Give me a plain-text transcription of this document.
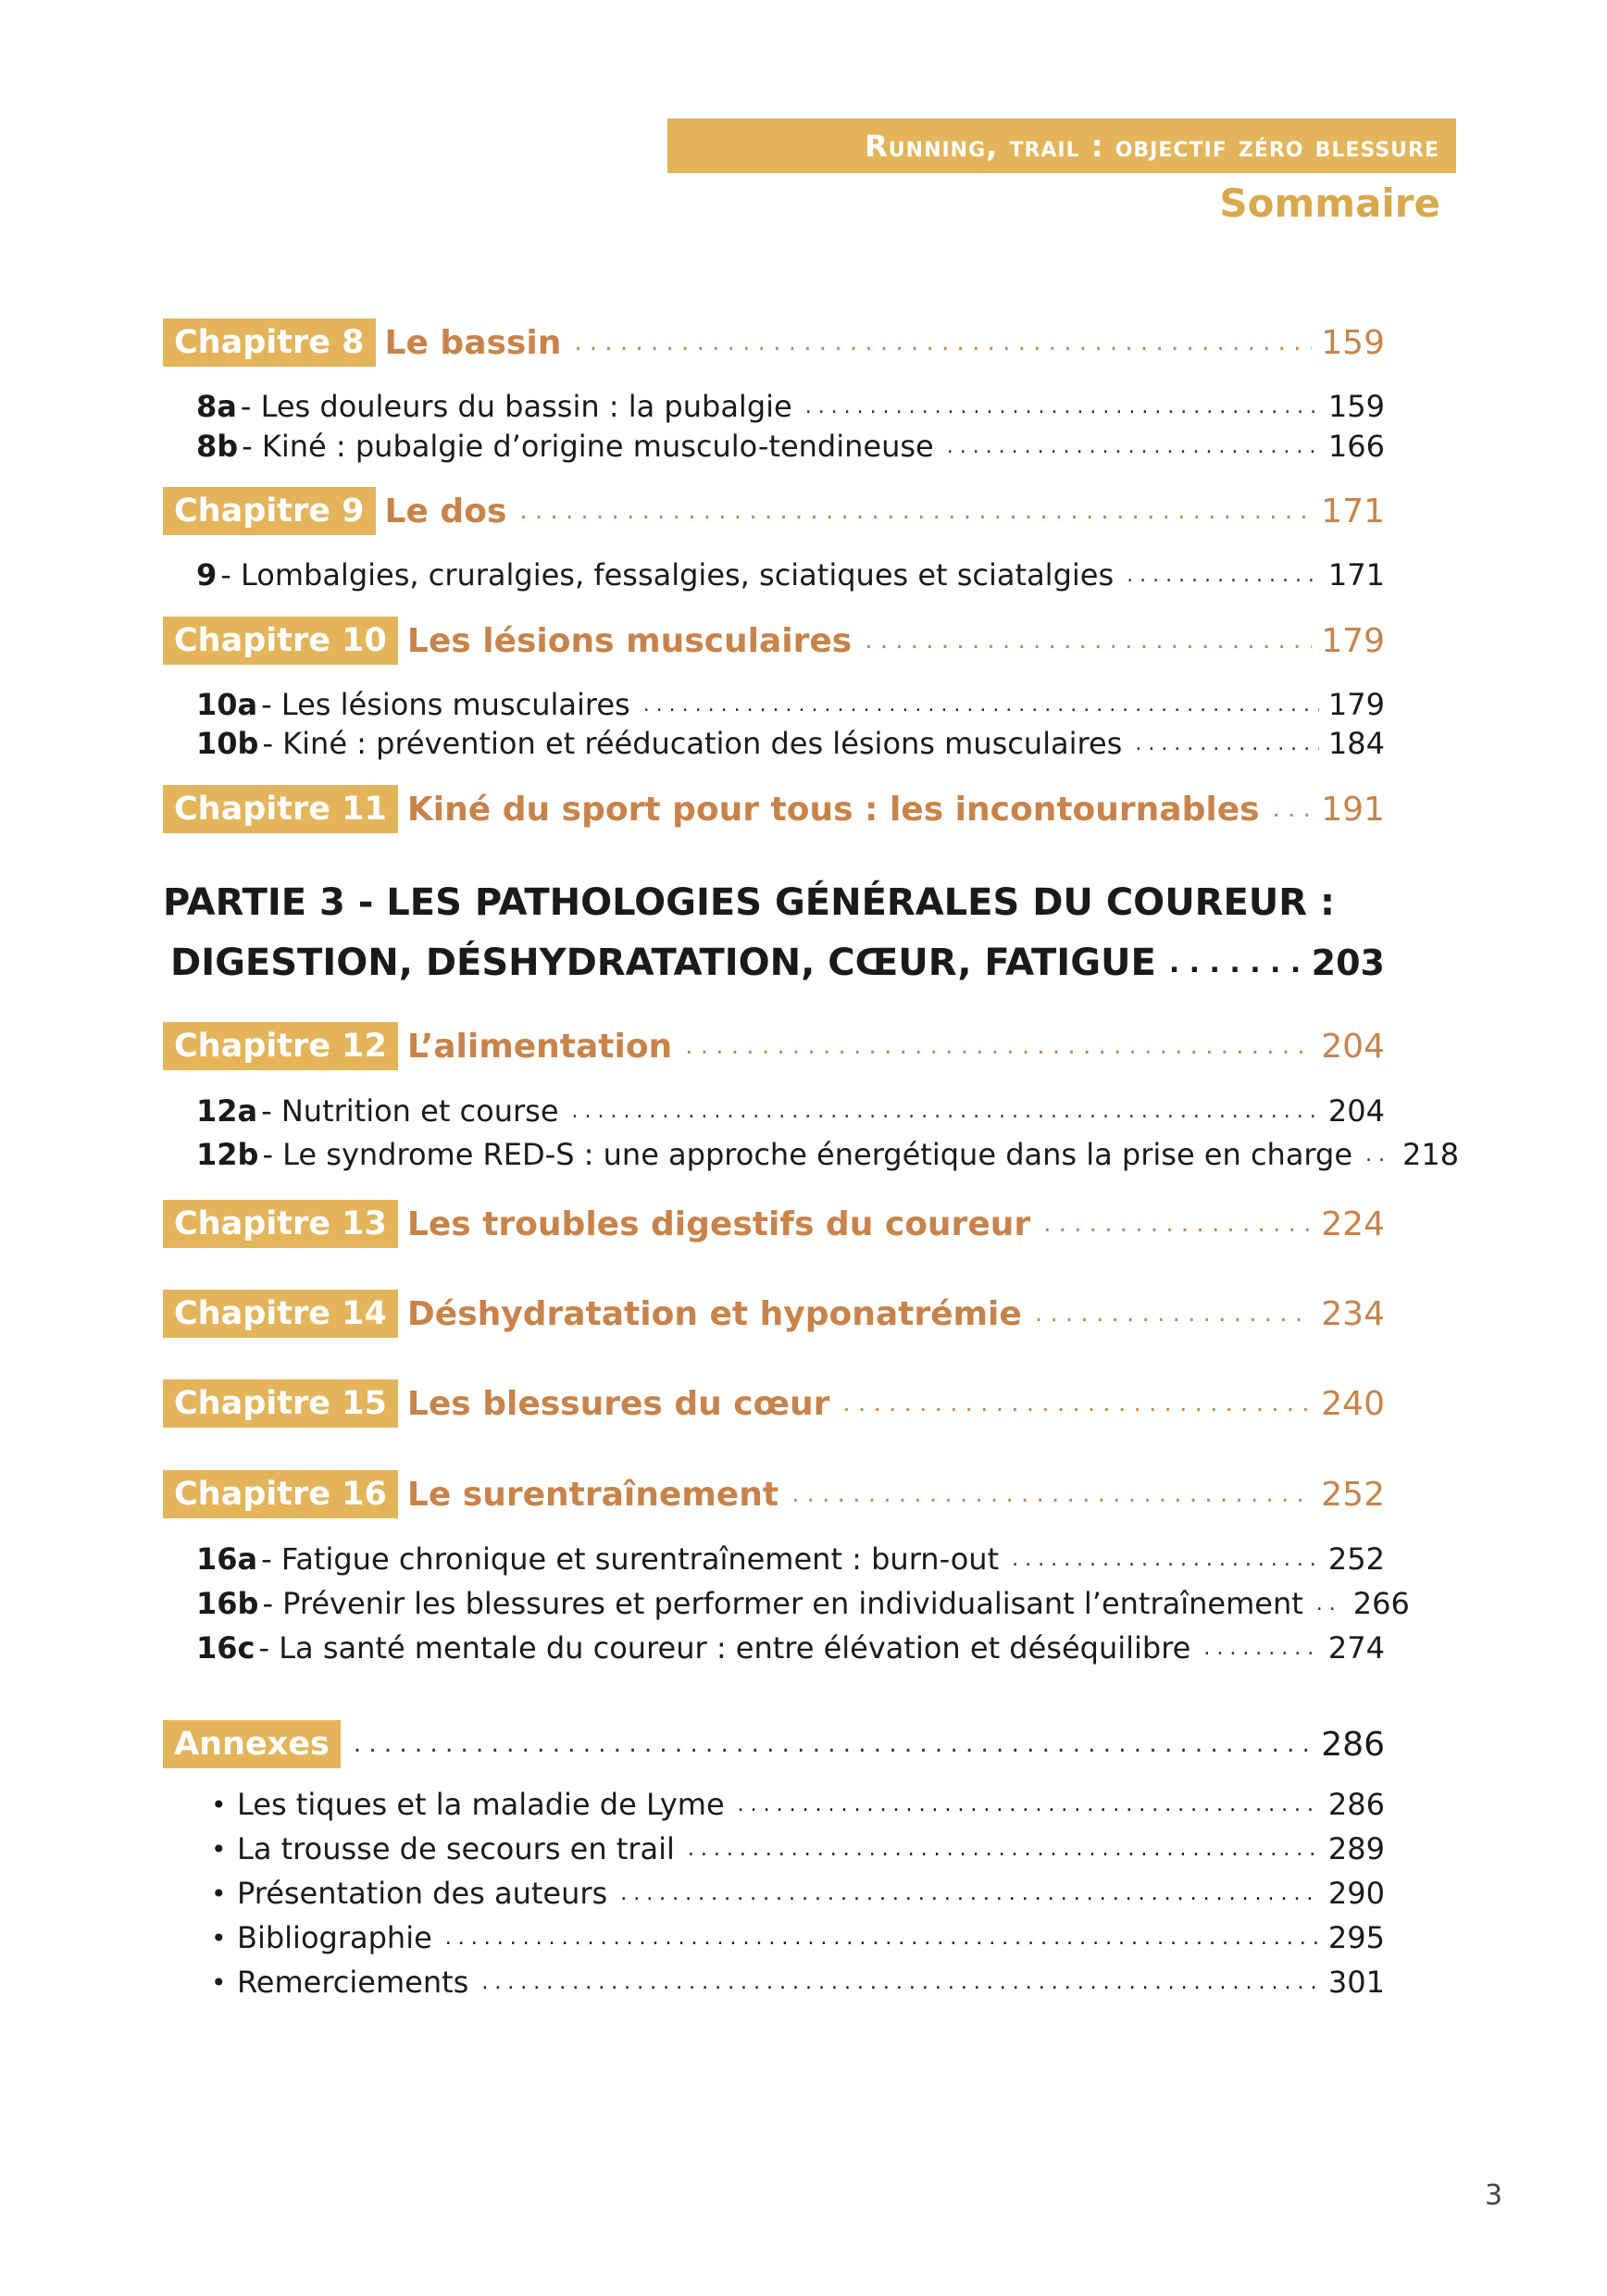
Running, trail : objectif zéro blessure
Sommaire
Chapitre 8 Le bassin . . .	159
8a - Les douleurs du bassin : la pubalgie . . .	159
8b - Kiné : pubalgie d’origine musculo-tendineuse . . .	166
Chapitre 9 Le dos . . .	171
9 - Lombalgies, cruralgies, fessalgies, sciatiques et sciatalgies . . .	171
Chapitre 10 Les lésions musculaires . . .	179
10a - Les lésions musculaires . . .	179
10b - Kiné : prévention et rééducation des lésions musculaires . . .	184
Chapitre 11 Kiné du sport pour tous : les incontournables . . . 191
PARTIE 3 - LES PATHOLOGIES GÉNÉRALES DU COUREUR :
DIGESTION, DÉSHYDRATATION, CŒUR, FATIGUE . . .	203
Chapitre 12 L’alimentation . . .	204
12a - Nutrition et course . . .	204
12b - Le syndrome RED-S : une approche énergétique dans la prise en charge . . . 218
Chapitre 13 Les troubles digestifs du coureur . . .	224
Chapitre 14 Déshydratation et hyponatrémie . . .	234
Chapitre 15 Les blessures du cœur . . .	240
Chapitre 16 Le surentraînement . . .	252
16a - Fatigue chronique et surentraînement : burn-out . . .	252
16b - Prévenir les blessures et performer en individualisant l’entraînement . . . 266
16c - La santé mentale du coureur : entre élévation et déséquilibre . . .	274
Annexes . . .	286
• Les tiques et la maladie de Lyme . . .	286
• La trousse de secours en trail . . .	289
• Présentation des auteurs . . .	290
• Bibliographie . . .	295
• Remerciements . . .	301
3
